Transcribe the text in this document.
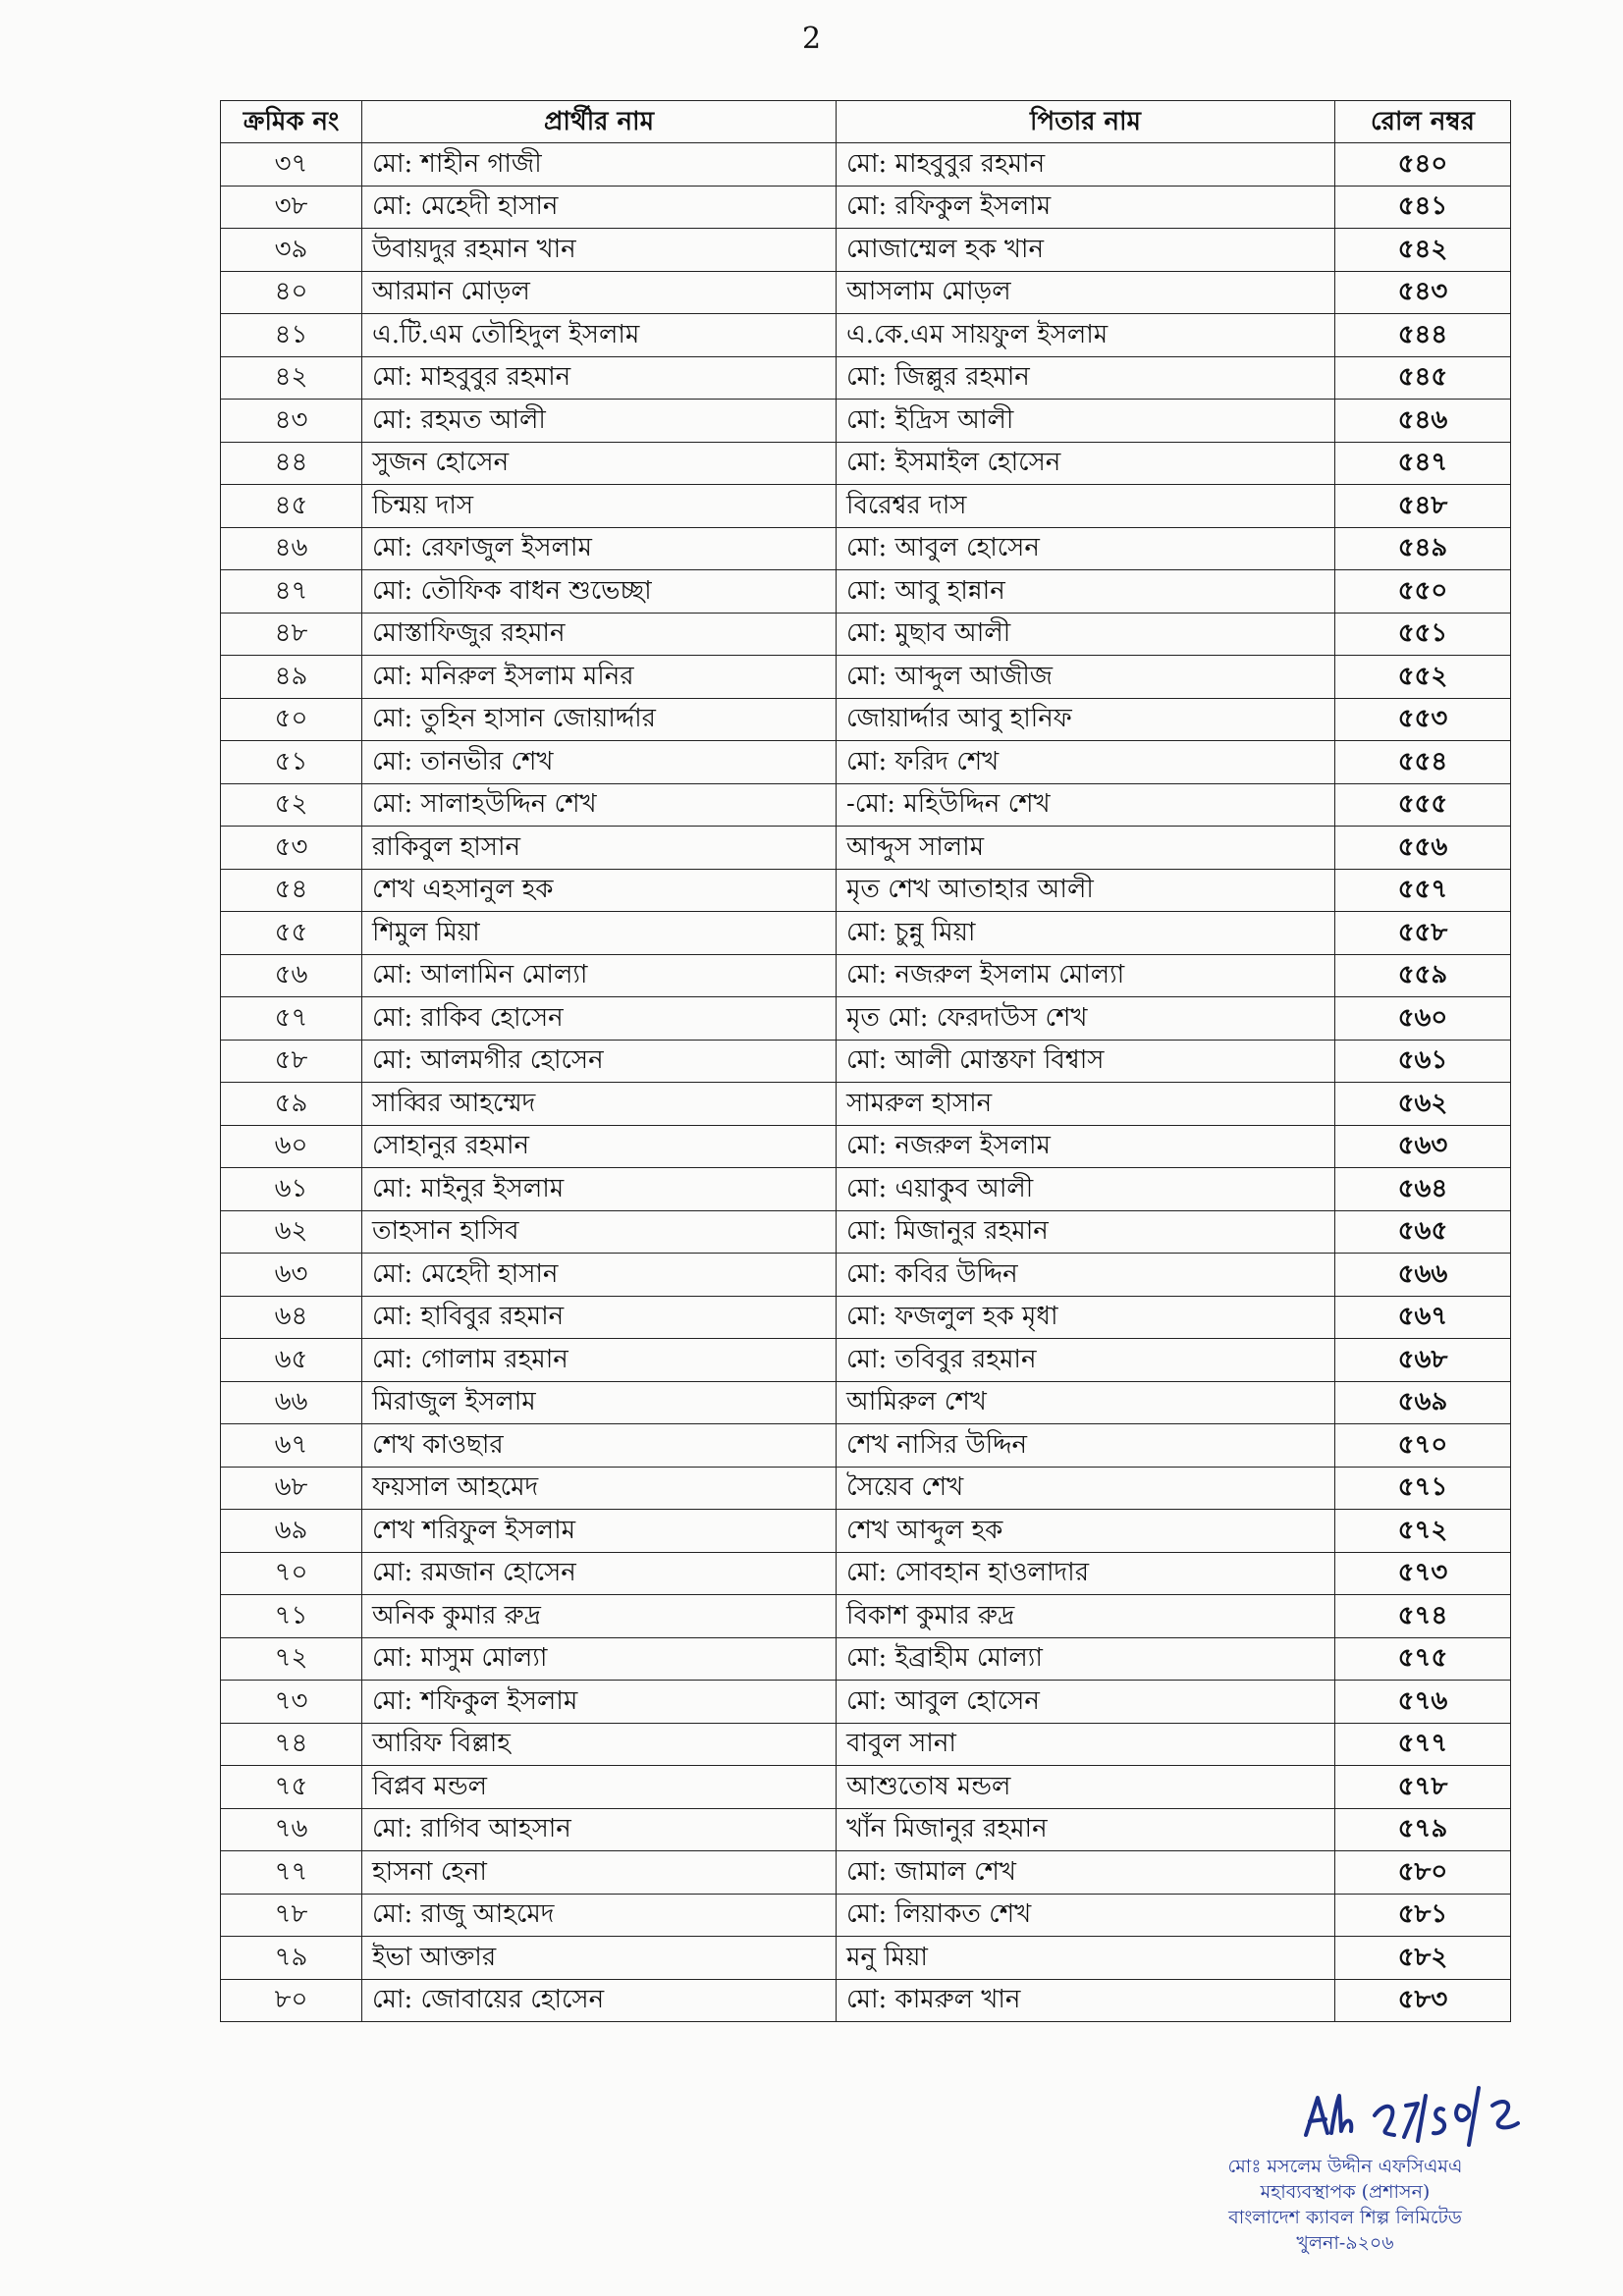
2
ক্রমিক নং	প্রার্থীর নাম	পিতার নাম	রোল নম্বর
৩৭	মো: শাহীন গাজী	মো: মাহবুবুর রহমান	৫৪০
৩৮	মো: মেহেদী হাসান	মো: রফিকুল ইসলাম	৫৪১
৩৯	উবায়দুর রহমান খান	মোজাম্মেল হক খান	৫৪২
৪০	আরমান মোড়ল	আসলাম মোড়ল	৫৪৩
৪১	এ.টি.এম তৌহিদুল ইসলাম	এ.কে.এম সায়ফুল ইসলাম	৫৪৪
৪২	মো: মাহবুবুর রহমান	মো: জিল্লুর রহমান	৫৪৫
৪৩	মো: রহমত আলী	মো: ইদ্রিস আলী	৫৪৬
৪৪	সুজন হোসেন	মো: ইসমাইল হোসেন	৫৪৭
৪৫	চিন্ময় দাস	বিরেশ্বর দাস	৫৪৮
৪৬	মো: রেফাজুল ইসলাম	মো: আবুল হোসেন	৫৪৯
৪৭	মো: তৌফিক বাধন শুভেচ্ছা	মো: আবু হান্নান	৫৫০
৪৮	মোস্তাফিজুর রহমান	মো: মুছাব আলী	৫৫১
৪৯	মো: মনিরুল ইসলাম মনির	মো: আব্দুল আজীজ	৫৫২
৫০	মো: তুহিন হাসান জোয়ার্দ্দার	জোয়ার্দ্দার আবু হানিফ	৫৫৩
৫১	মো: তানভীর শেখ	মো: ফরিদ শেখ	৫৫৪
৫২	মো: সালাহউদ্দিন শেখ	-মো: মহিউদ্দিন শেখ	৫৫৫
৫৩	রাকিবুল হাসান	আব্দুস সালাম	৫৫৬
৫৪	শেখ এহসানুল হক	মৃত শেখ আতাহার আলী	৫৫৭
৫৫	শিমুল মিয়া	মো: চুন্নু মিয়া	৫৫৮
৫৬	মো: আলামিন মোল্যা	মো: নজরুল ইসলাম মোল্যা	৫৫৯
৫৭	মো: রাকিব হোসেন	মৃত মো: ফেরদাউস শেখ	৫৬০
৫৮	মো: আলমগীর হোসেন	মো: আলী মোস্তফা বিশ্বাস	৫৬১
৫৯	সাব্বির আহম্মেদ	সামরুল হাসান	৫৬২
৬০	সোহানুর রহমান	মো: নজরুল ইসলাম	৫৬৩
৬১	মো: মাইনুর ইসলাম	মো: এয়াকুব আলী	৫৬৪
৬২	তাহসান হাসিব	মো: মিজানুর রহমান	৫৬৫
৬৩	মো: মেহেদী হাসান	মো: কবির উদ্দিন	৫৬৬
৬৪	মো: হাবিবুর রহমান	মো: ফজলুল হক মৃধা	৫৬৭
৬৫	মো: গোলাম রহমান	মো: তবিবুর রহমান	৫৬৮
৬৬	মিরাজুল ইসলাম	আমিরুল শেখ	৫৬৯
৬৭	শেখ কাওছার	শেখ নাসির উদ্দিন	৫৭০
৬৮	ফয়সাল আহমেদ	সৈয়েব শেখ	৫৭১
৬৯	শেখ শরিফুল ইসলাম	শেখ আব্দুল হক	৫৭২
৭০	মো: রমজান হোসেন	মো: সোবহান হাওলাদার	৫৭৩
৭১	অনিক কুমার রুদ্র	বিকাশ কুমার রুদ্র	৫৭৪
৭২	মো: মাসুম মোল্যা	মো: ইব্রাহীম মোল্যা	৫৭৫
৭৩	মো: শফিকুল ইসলাম	মো: আবুল হোসেন	৫৭৬
৭৪	আরিফ বিল্লাহ	বাবুল সানা	৫৭৭
৭৫	বিপ্লব মন্ডল	আশুতোষ মন্ডল	৫৭৮
৭৬	মো: রাগিব আহসান	খাঁন মিজানুর রহমান	৫৭৯
৭৭	হাসনা হেনা	মো: জামাল শেখ	৫৮০
৭৮	মো: রাজু আহমেদ	মো: লিয়াকত শেখ	৫৮১
৭৯	ইভা আক্তার	মনু মিয়া	৫৮২
৮০	মো: জোবায়ের হোসেন	মো: কামরুল খান	৫৮৩
মোঃ মসলেম উদ্দীন এফসিএমএ
মহাব্যবস্থাপক (প্রশাসন)
বাংলাদেশ ক্যাবল শিল্প লিমিটেড
খুলনা-৯২০৬
